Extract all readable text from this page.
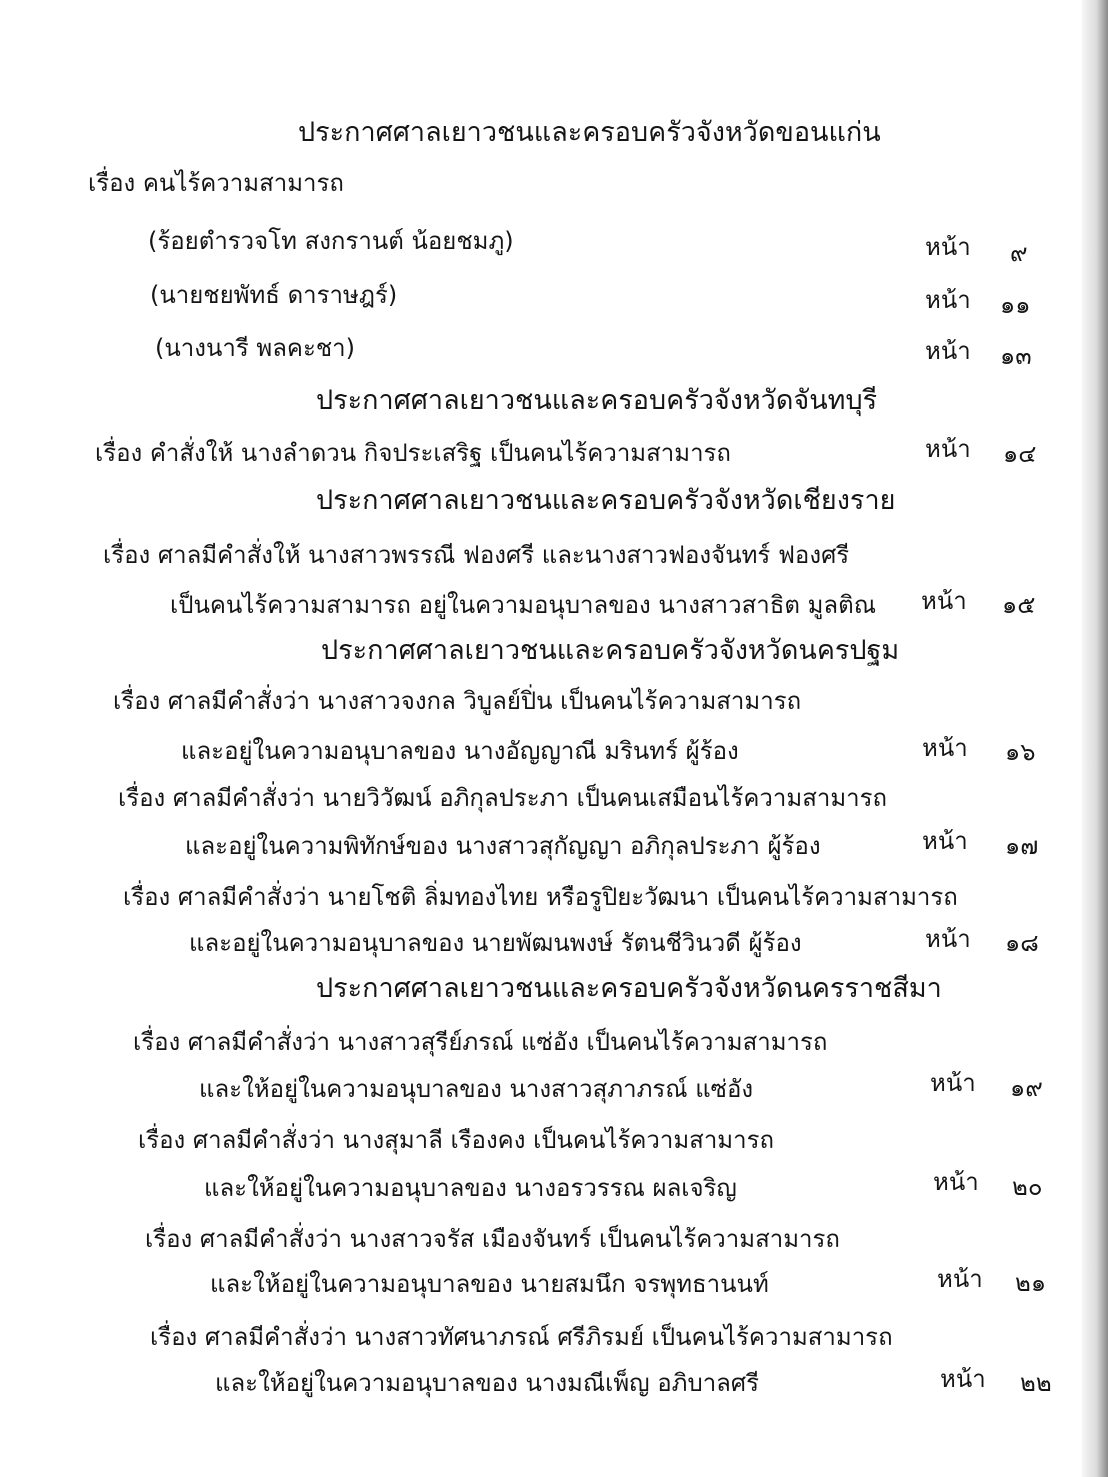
ประกาศศาลเยาวชนและครอบครัวจังหวัดขอนแก่น
เรื่อง คนไร้ความสามารถ
(ร้อยตำรวจโท สงกรานต์ น้อยชมภู)	หน้า ๙
(นายชยพัทธ์ ดาราษฎร์)	หน้า ๑๑
(นางนารี พลคะชา)	หน้า ๑๓
ประกาศศาลเยาวชนและครอบครัวจังหวัดจันทบุรี
เรื่อง คำสั่งให้ นางลำดวน กิจประเสริฐ เป็นคนไร้ความสามารถ	หน้า ๑๔
ประกาศศาลเยาวชนและครอบครัวจังหวัดเชียงราย
เรื่อง ศาลมีคำสั่งให้ นางสาวพรรณี ฟองศรี และนางสาวฟองจันทร์ ฟองศรี
เป็นคนไร้ความสามารถ อยู่ในความอนุบาลของ นางสาวสาธิต มูลติณ หน้า ๑๕
ประกาศศาลเยาวชนและครอบครัวจังหวัดนครปฐม
เรื่อง ศาลมีคำสั่งว่า นางสาวจงกล วิบูลย์ปิ่น เป็นคนไร้ความสามารถ
และอยู่ในความอนุบาลของ นางอัญญาณี มรินทร์ ผู้ร้อง	หน้า ๑๖
เรื่อง ศาลมีคำสั่งว่า นายวิวัฒน์ อภิกุลประภา เป็นคนเสมือนไร้ความสามารถ
และอยู่ในความพิทักษ์ของ นางสาวสุกัญญา อภิกุลประภา ผู้ร้อง	หน้า ๑๗
เรื่อง ศาลมีคำสั่งว่า นายโชติ ลิ่มทองไทย หรือรูปิยะวัฒนา เป็นคนไร้ความสามารถ
และอยู่ในความอนุบาลของ นายพัฒนพงษ์ รัตนชีวินวดี ผู้ร้อง	หน้า ๑๘
ประกาศศาลเยาวชนและครอบครัวจังหวัดนครราชสีมา
เรื่อง ศาลมีคำสั่งว่า นางสาวสุรีย์ภรณ์ แซ่อัง เป็นคนไร้ความสามารถ
และให้อยู่ในความอนุบาลของ นางสาวสุภาภรณ์ แซ่อัง	หน้า ๑๙
เรื่อง ศาลมีคำสั่งว่า นางสุมาลี เรืองคง เป็นคนไร้ความสามารถ
และให้อยู่ในความอนุบาลของ นางอรวรรณ ผลเจริญ	หน้า ๒๐
เรื่อง ศาลมีคำสั่งว่า นางสาวจรัส เมืองจันทร์ เป็นคนไร้ความสามารถ
และให้อยู่ในความอนุบาลของ นายสมนึก จรพุทธานนท์	หน้า ๒๑
เรื่อง ศาลมีคำสั่งว่า นางสาวทัศนาภรณ์ ศรีภิรมย์ เป็นคนไร้ความสามารถ
และให้อยู่ในความอนุบาลของ นางมณีเพ็ญ อภิบาลศรี	หน้า ๒๒
